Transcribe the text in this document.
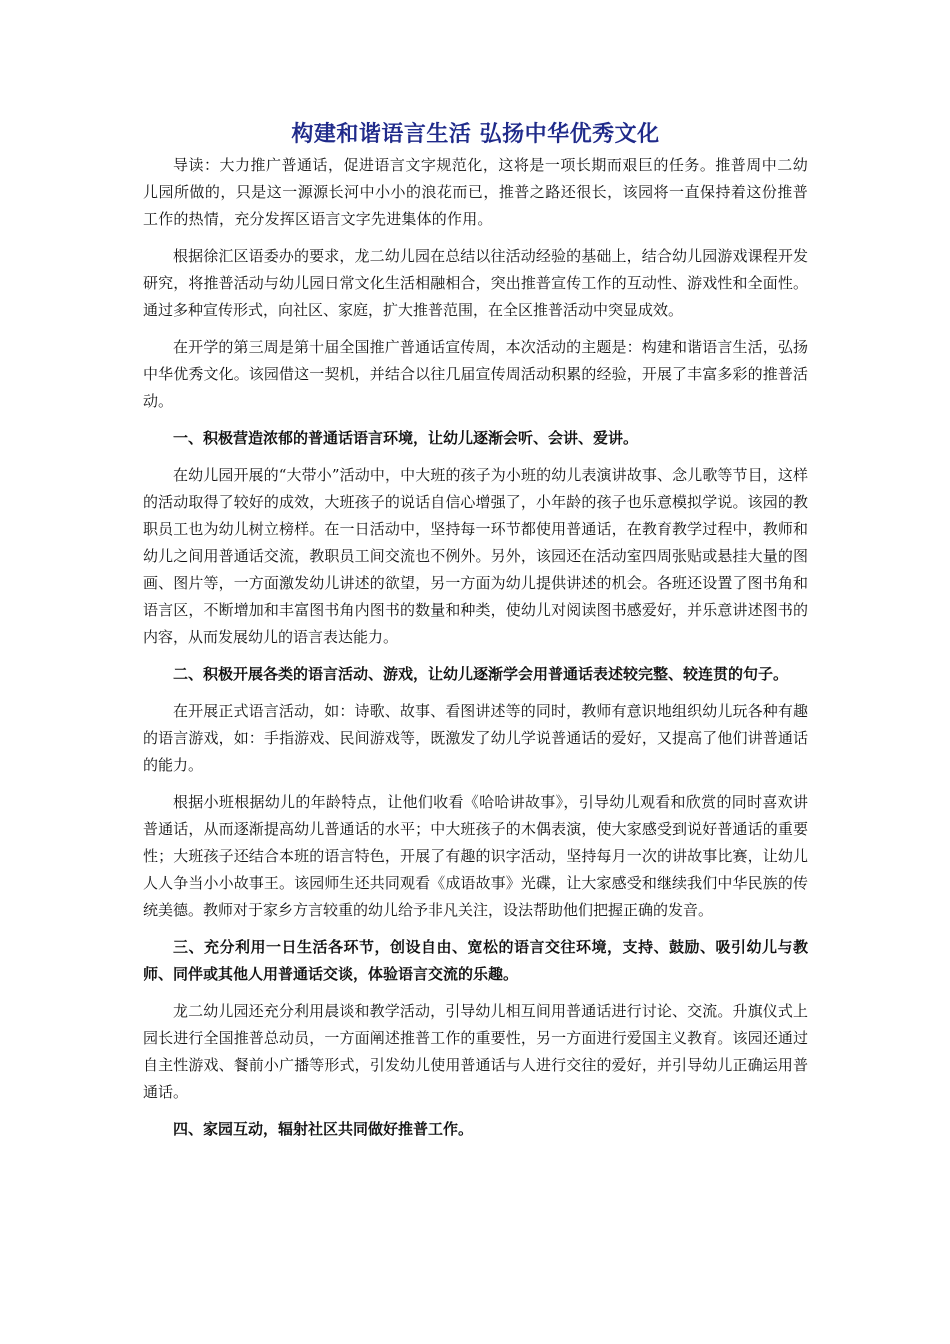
构建和谐语言生活 弘扬中华优秀文化

导读：大力推广普通话，促进语言文字规范化，这将是一项长期而艰巨的任务。推普周中二幼儿园所做的，只是这一源源长河中小小的浪花而已，推普之路还很长，该园将一直保持着这份推普工作的热情，充分发挥区语言文字先进集体的作用。

根据徐汇区语委办的要求，龙二幼儿园在总结以往活动经验的基础上，结合幼儿园游戏课程开发研究，将推普活动与幼儿园日常文化生活相融相合，突出推普宣传工作的互动性、游戏性和全面性。通过多种宣传形式，向社区、家庭，扩大推普范围，在全区推普活动中突显成效。

在开学的第三周是第十届全国推广普通话宣传周，本次活动的主题是：构建和谐语言生活，弘扬中华优秀文化。该园借这一契机，并结合以往几届宣传周活动积累的经验，开展了丰富多彩的推普活动。

一、积极营造浓郁的普通话语言环境，让幼儿逐渐会听、会讲、爱讲。

在幼儿园开展的“大带小”活动中，中大班的孩子为小班的幼儿表演讲故事、念儿歌等节目，这样的活动取得了较好的成效，大班孩子的说话自信心增强了，小年龄的孩子也乐意模拟学说。该园的教职员工也为幼儿树立榜样。在一日活动中，坚持每一环节都使用普通话，在教育教学过程中，教师和幼儿之间用普通话交流，教职员工间交流也不例外。另外，该园还在活动室四周张贴或悬挂大量的图画、图片等，一方面激发幼儿讲述的欲望，另一方面为幼儿提供讲述的机会。各班还设置了图书角和语言区，不断增加和丰富图书角内图书的数量和种类，使幼儿对阅读图书感爱好，并乐意讲述图书的内容，从而发展幼儿的语言表达能力。

二、积极开展各类的语言活动、游戏，让幼儿逐渐学会用普通话表述较完整、较连贯的句子。

在开展正式语言活动，如：诗歌、故事、看图讲述等的同时，教师有意识地组织幼儿玩各种有趣的语言游戏，如：手指游戏、民间游戏等，既激发了幼儿学说普通话的爱好，又提高了他们讲普通话的能力。

根据小班根据幼儿的年龄特点，让他们收看《哈哈讲故事》，引导幼儿观看和欣赏的同时喜欢讲普通话，从而逐渐提高幼儿普通话的水平；中大班孩子的木偶表演，使大家感受到说好普通话的重要性；大班孩子还结合本班的语言特色，开展了有趣的识字活动，坚持每月一次的讲故事比赛，让幼儿人人争当小小故事王。该园师生还共同观看《成语故事》光碟，让大家感受和继续我们中华民族的传统美德。教师对于家乡方言较重的幼儿给予非凡关注，设法帮助他们把握正确的发音。

三、充分利用一日生活各环节，创设自由、宽松的语言交往环境，支持、鼓励、吸引幼儿与教师、同伴或其他人用普通话交谈，体验语言交流的乐趣。

龙二幼儿园还充分利用晨谈和教学活动，引导幼儿相互间用普通话进行讨论、交流。升旗仪式上园长进行全国推普总动员，一方面阐述推普工作的重要性，另一方面进行爱国主义教育。该园还通过自主性游戏、餐前小广播等形式，引发幼儿使用普通话与人进行交往的爱好，并引导幼儿正确运用普通话。

四、家园互动，辐射社区共同做好推普工作。
